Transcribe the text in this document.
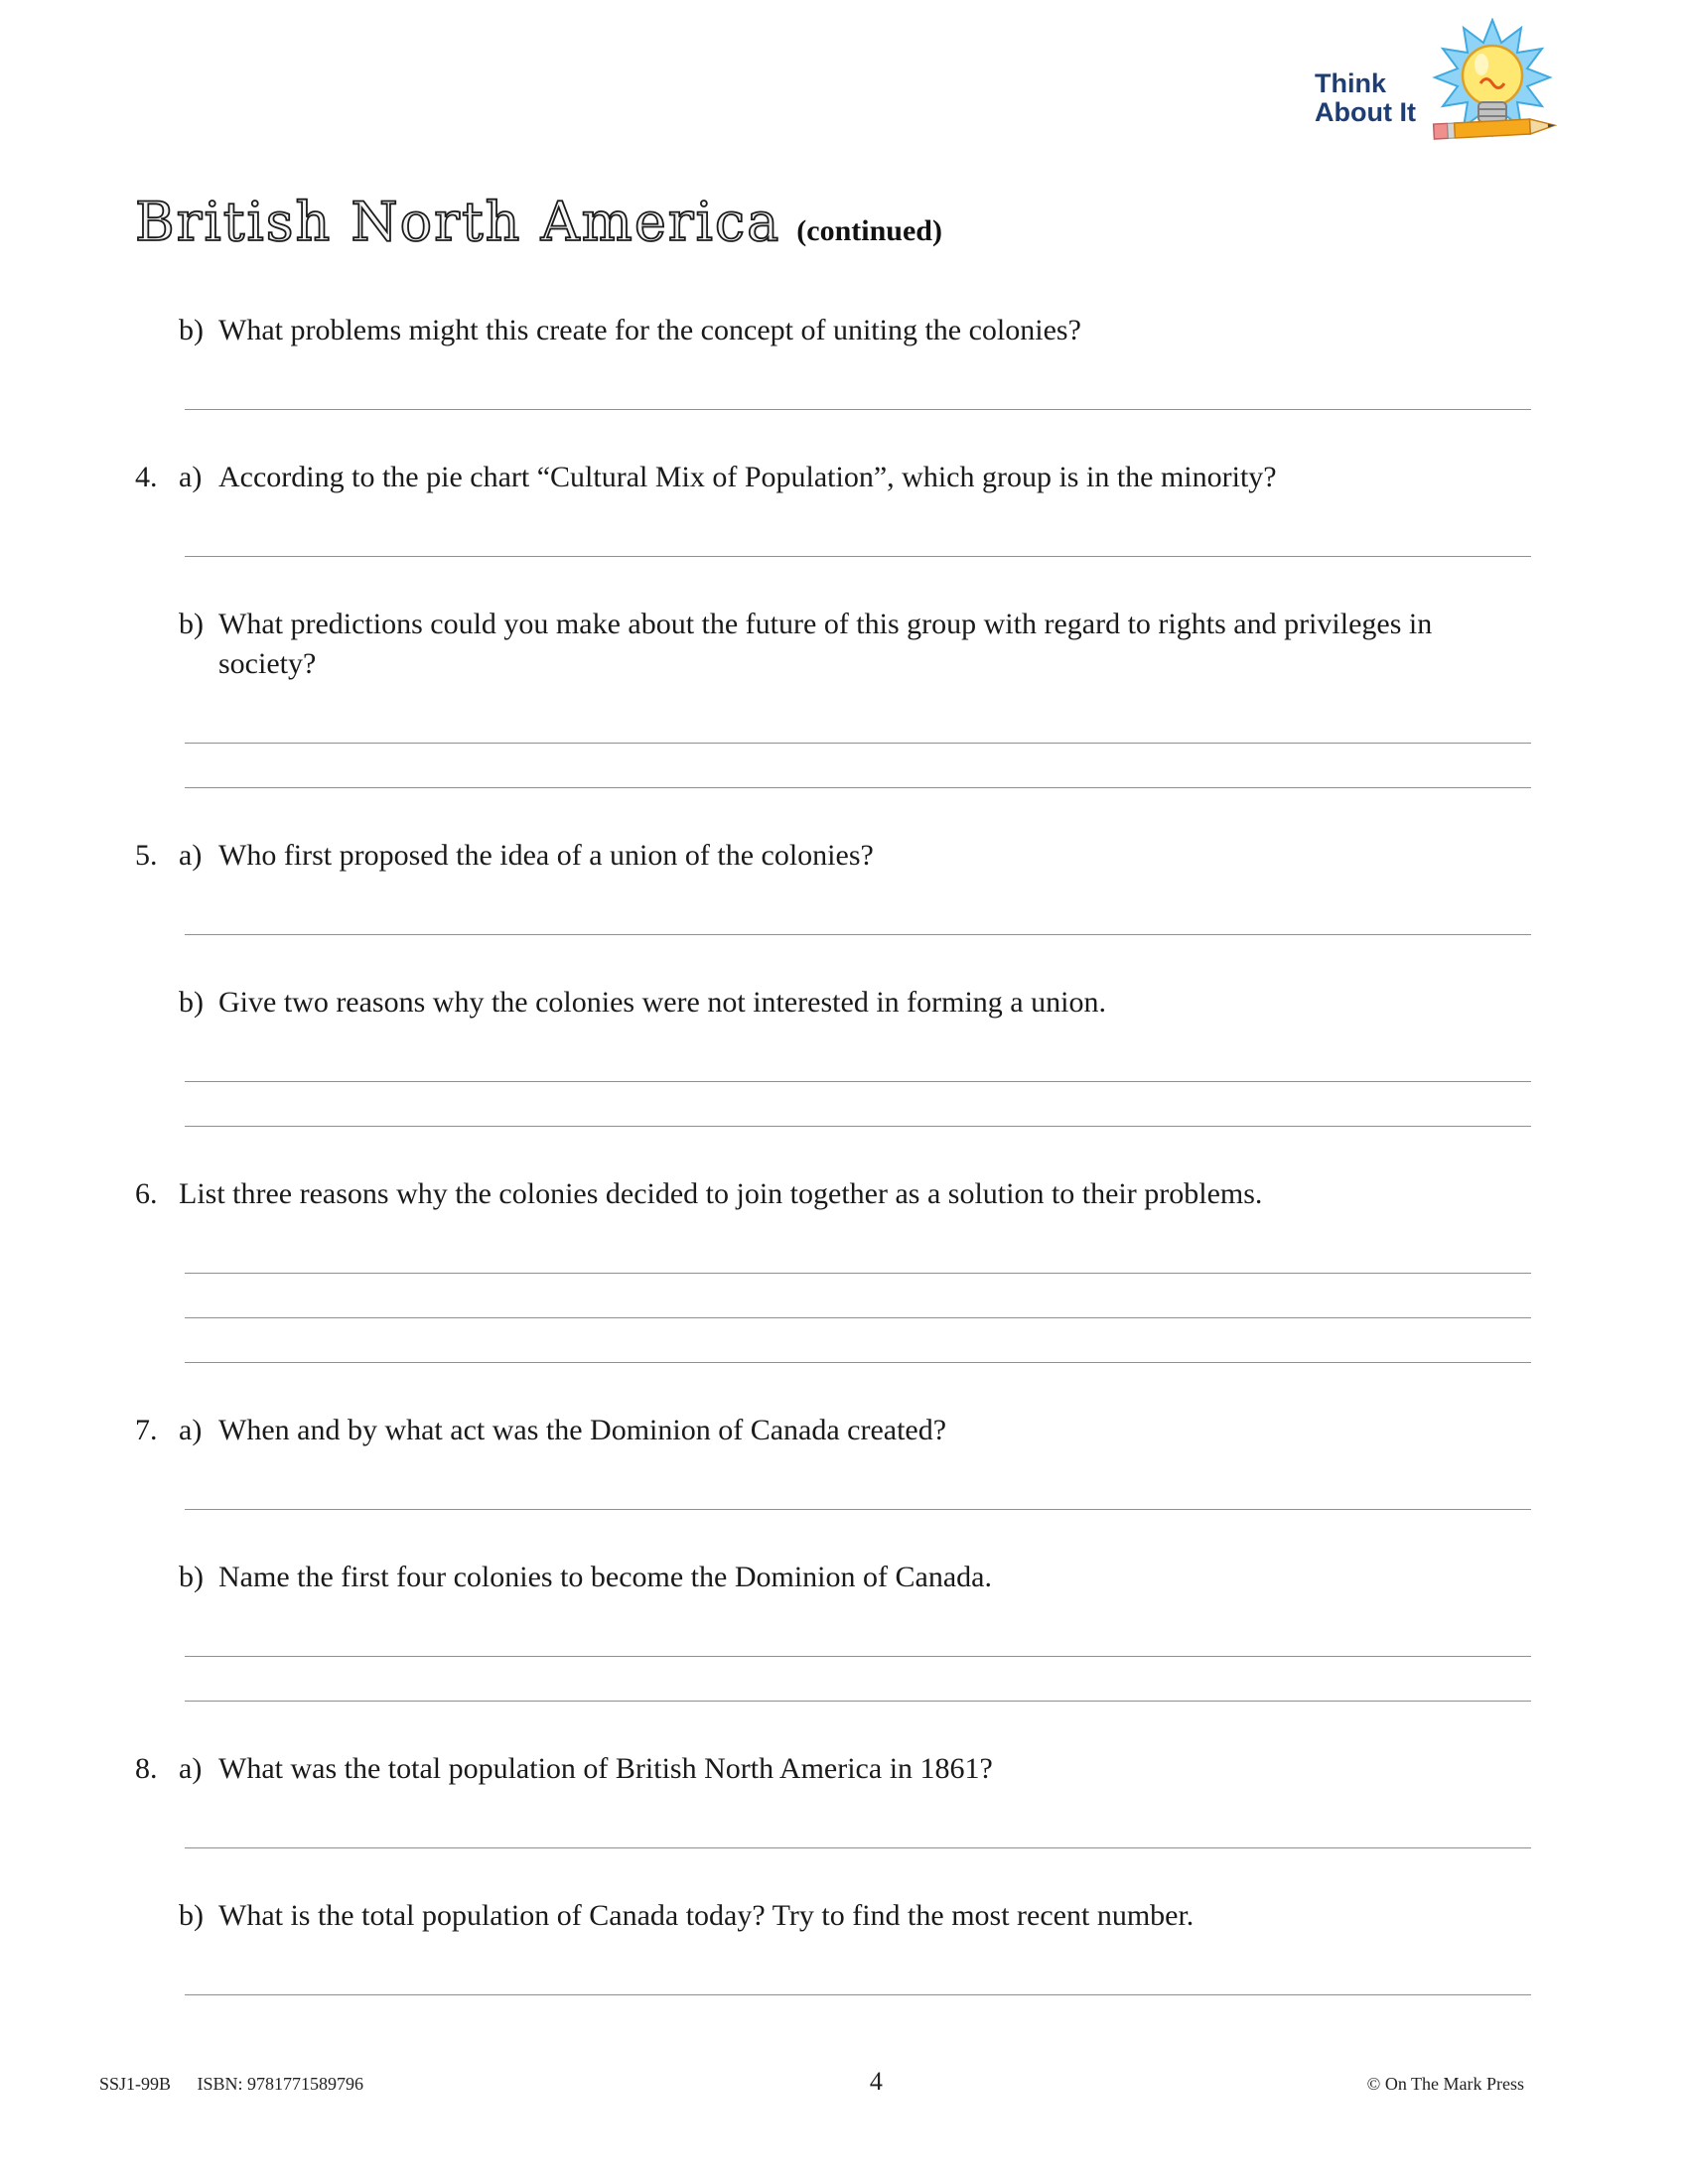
Think
About It
British North America (continued)
b) What problems might this create for the concept of uniting the colonies?
4. a) According to the pie chart “Cultural Mix of Population”, which group is in the minority?
b) What predictions could you make about the future of this group with regard to rights and privileges in society?
5. a) Who first proposed the idea of a union of the colonies?
b) Give two reasons why the colonies were not interested in forming a union.
6. List three reasons why the colonies decided to join together as a solution to their problems.
7. a) When and by what act was the Dominion of Canada created?
b) Name the first four colonies to become the Dominion of Canada.
8. a) What was the total population of British North America in 1861?
b) What is the total population of Canada today? Try to find the most recent number.
SSJ1-99B ISBN: 9781771589796	4	© On The Mark Press
